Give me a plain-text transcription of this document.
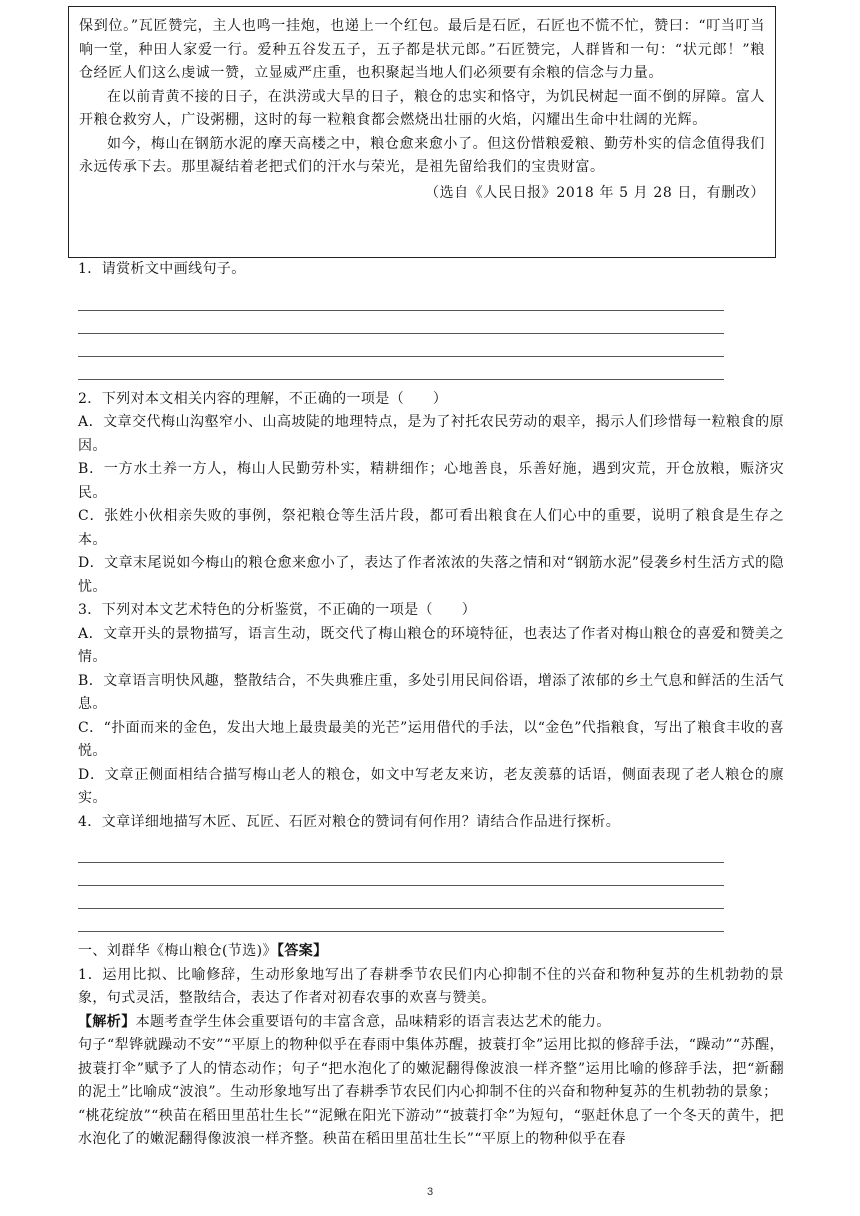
保到位。”瓦匠赞完，主人也鸣一挂炮，也递上一个红包。最后是石匠，石匠也不慌不忙，赞曰：“叮当叮当响一堂，种田人家爱一行。爱种五谷发五子，五子都是状元郎。”石匠赞完，人群皆和一句：“状元郎！”粮仓经匠人们这么虔诚一赞，立显威严庄重，也积聚起当地人们必须要有余粮的信念与力量。

在以前青黄不接的日子，在洪涝或大旱的日子，粮仓的忠实和恪守，为饥民树起一面不倒的屏障。富人开粮仓救穷人，广设粥棚，这时的每一粒粮食都会燃烧出壮丽的火焰，闪耀出生命中壮阔的光辉。

如今，梅山在钢筋水泥的摩天高楼之中，粮仓愈来愈小了。但这份惜粮爱粮、勤劳朴实的信念值得我们永远传承下去。那里凝结着老把式们的汗水与荣光，是祖先留给我们的宝贵财富。

（选自《人民日报》2018 年 5 月 28 日，有删改）

1．请赏析文中画线句子。

2．下列对本文相关内容的理解，不正确的一项是（　　）

A．文章交代梅山沟壑窄小、山高坡陡的地理特点，是为了衬托农民劳动的艰辛，揭示人们珍惜每一粒粮食的原因。

B．一方水土养一方人，梅山人民勤劳朴实，精耕细作；心地善良，乐善好施，遇到灾荒，开仓放粮，赈济灾民。

C．张姓小伙相亲失败的事例，祭祀粮仓等生活片段，都可看出粮食在人们心中的重要，说明了粮食是生存之本。

D．文章末尾说如今梅山的粮仓愈来愈小了，表达了作者浓浓的失落之情和对“钢筋水泥”侵袭乡村生活方式的隐忧。

3．下列对本文艺术特色的分析鉴赏，不正确的一项是（　　）

A．文章开头的景物描写，语言生动，既交代了梅山粮仓的环境特征，也表达了作者对梅山粮仓的喜爱和赞美之情。

B．文章语言明快风趣，整散结合，不失典雅庄重，多处引用民间俗语，增添了浓郁的乡土气息和鲜活的生活气息。

C．“扑面而来的金色，发出大地上最贵最美的光芒”运用借代的手法，以“金色”代指粮食，写出了粮食丰收的喜悦。

D．文章正侧面相结合描写梅山老人的粮仓，如文中写老友来访，老友羡慕的话语，侧面表现了老人粮仓的廪实。

4．文章详细地描写木匠、瓦匠、石匠对粮仓的赞词有何作用？请结合作品进行探析。

一、刘群华《梅山粮仓(节选)》【答案】

1．运用比拟、比喻修辞，生动形象地写出了春耕季节农民们内心抑制不住的兴奋和物种复苏的生机勃勃的景象，句式灵活，整散结合，表达了作者对初春农事的欢喜与赞美。

【解析】本题考查学生体会重要语句的丰富含意，品味精彩的语言表达艺术的能力。

句子“犁铧就躁动不安”“平原上的物种似乎在春雨中集体苏醒，披蓑打伞”运用比拟的修辞手法，“躁动”“苏醒，披蓑打伞”赋予了人的情态动作；句子“把水泡化了的嫩泥翻得像波浪一样齐整”运用比喻的修辞手法，把“新翻的泥土”比喻成“波浪”。生动形象地写出了春耕季节农民们内心抑制不住的兴奋和物种复苏的生机勃勃的景象；

“桃花绽放”“秧苗在稻田里茁壮生长”“泥鳅在阳光下游动”“披蓑打伞”为短句，“驱赶休息了一个冬天的黄牛，把水泡化了的嫩泥翻得像波浪一样齐整。秧苗在稻田里茁壮生长”“平原上的物种似乎在春

3
